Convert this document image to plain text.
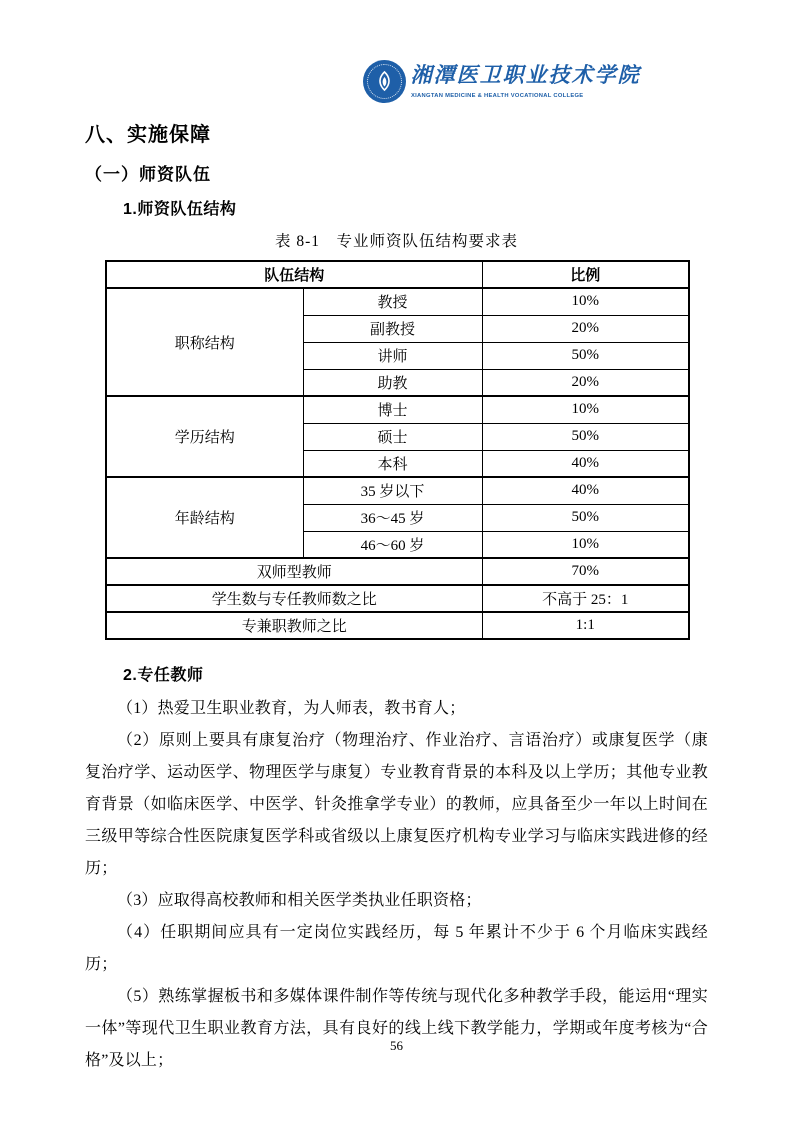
湘潭医卫职业技术学院
XIANGTAN MEDICINE & HEALTH VOCATIONAL COLLEGE
八、实施保障
（一）师资队伍
1.师资队伍结构
表 8-1　专业师资队伍结构要求表
队伍结构		比例
职称结构	教授	10%
	副教授	20%
	讲师	50%
	助教	20%
学历结构	博士	10%
	硕士	50%
	本科	40%
年龄结构	35 岁以下	40%
	36～45 岁	50%
	46～60 岁	10%
双师型教师		70%
学生数与专任教师数之比		不高于 25：1
专兼职教师之比		1:1
2.专任教师

（1）热爱卫生职业教育，为人师表，教书育人；

（2）原则上要具有康复治疗（物理治疗、作业治疗、言语治疗）或康复医学（康复治疗学、运动医学、物理医学与康复）专业教育背景的本科及以上学历；其他专业教育背景（如临床医学、中医学、针灸推拿学专业）的教师，应具备至少一年以上时间在三级甲等综合性医院康复医学科或省级以上康复医疗机构专业学习与临床实践进修的经历；

（3）应取得高校教师和相关医学类执业任职资格；

（4）任职期间应具有一定岗位实践经历，每 5 年累计不少于 6 个月临床实践经历；

（5）熟练掌握板书和多媒体课件制作等传统与现代化多种教学手段，能运用“理实一体”等现代卫生职业教育方法，具有良好的线上线下教学能力，学期或年度考核为“合格”及以上；

56
